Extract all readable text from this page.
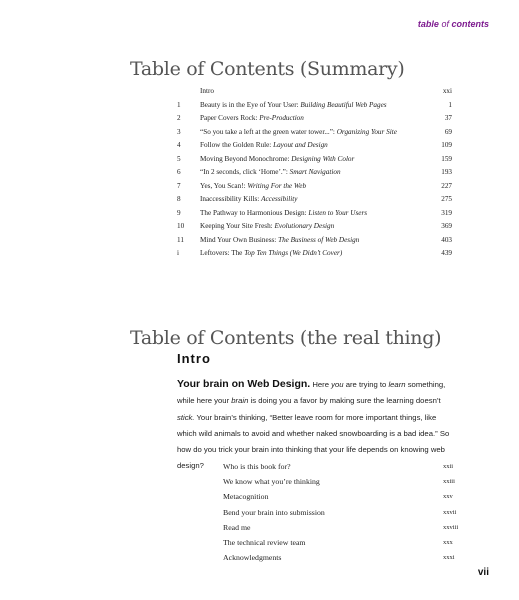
table of contents
Table of Contents (Summary)
Intro	xxi
1	Beauty is in the Eye of Your User: Building Beautiful Web Pages	1
2	Paper Covers Rock: Pre-Production	37
3	“So you take a left at the green water tower...”: Organizing Your Site	69
4	Follow the Golden Rule: Layout and Design	109
5	Moving Beyond Monochrome: Designing With Color	159
6	“In 2 seconds, click ‘Home’.”: Smart Navigation	193
7	Yes, You Scan!: Writing For the Web	227
8	Inaccessibility Kills: Accessibility	275
9	The Pathway to Harmonious Design: Listen to Your Users	319
10	Keeping Your Site Fresh: Evolutionary Design	369
11	Mind Your Own Business: The Business of Web Design	403
i	Leftovers: The Top Ten Things (We Didn’t Cover)	439
Table of Contents (the real thing)
Intro
Your brain on Web Design. Here you are trying to learn something, while here your brain is doing you a favor by making sure the learning doesn’t stick. Your brain’s thinking, “Better leave room for more important things, like which wild animals to avoid and whether naked snowboarding is a bad idea.” So how do you trick your brain into thinking that your life depends on knowing web design?	Who is this book for?	xxii
We know what you’re thinking	xxiii
Metacognition	xxv
Bend your brain into submission	xxvii
Read me	xxviii
The technical review team	xxx
Acknowledgments	xxxi
vii
